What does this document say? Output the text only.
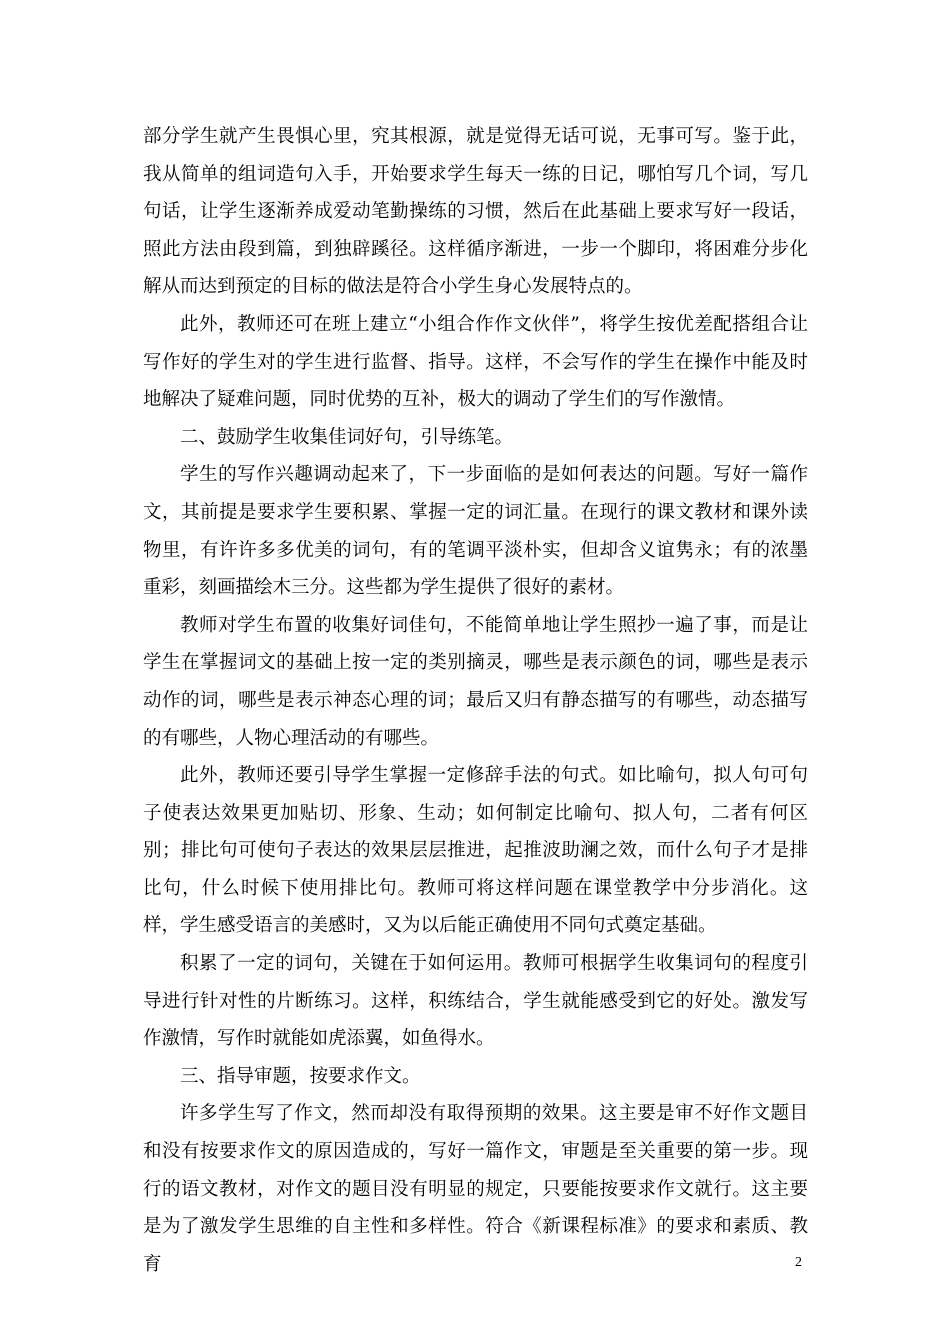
部分学生就产生畏惧心里，究其根源，就是觉得无话可说，无事可写。鉴于此，我从简单的组词造句入手，开始要求学生每天一练的日记，哪怕写几个词，写几句话，让学生逐渐养成爱动笔勤操练的习惯，然后在此基础上要求写好一段话，照此方法由段到篇，到独辟蹊径。这样循序渐进，一步一个脚印，将困难分步化解从而达到预定的目标的做法是符合小学生身心发展特点的。

此外，教师还可在班上建立“小组合作作文伙伴”，将学生按优差配搭组合让写作好的学生对的学生进行监督、指导。这样，不会写作的学生在操作中能及时地解决了疑难问题，同时优势的互补，极大的调动了学生们的写作激情。

二、鼓励学生收集佳词好句，引导练笔。

学生的写作兴趣调动起来了，下一步面临的是如何表达的问题。写好一篇作文，其前提是要求学生要积累、掌握一定的词汇量。在现行的课文教材和课外读物里，有许许多多优美的词句，有的笔调平淡朴实，但却含义谊隽永；有的浓墨重彩，刻画描绘木三分。这些都为学生提供了很好的素材。

教师对学生布置的收集好词佳句，不能简单地让学生照抄一遍了事，而是让学生在掌握词文的基础上按一定的类别摘灵，哪些是表示颜色的词，哪些是表示动作的词，哪些是表示神态心理的词；最后又归有静态描写的有哪些，动态描写的有哪些，人物心理活动的有哪些。

此外，教师还要引导学生掌握一定修辞手法的句式。如比喻句，拟人句可句子使表达效果更加贴切、形象、生动；如何制定比喻句、拟人句，二者有何区别；排比句可使句子表达的效果层层推进，起推波助澜之效，而什么句子才是排比句，什么时候下使用排比句。教师可将这样问题在课堂教学中分步消化。这样，学生感受语言的美感时，又为以后能正确使用不同句式奠定基础。

积累了一定的词句，关键在于如何运用。教师可根据学生收集词句的程度引导进行针对性的片断练习。这样，积练结合，学生就能感受到它的好处。激发写作激情，写作时就能如虎添翼，如鱼得水。

三、指导审题，按要求作文。

许多学生写了作文，然而却没有取得预期的效果。这主要是审不好作文题目和没有按要求作文的原因造成的，写好一篇作文，审题是至关重要的第一步。现行的语文教材，对作文的题目没有明显的规定，只要能按要求作文就行。这主要是为了激发学生思维的自主性和多样性。符合《新课程标准》的要求和素质、教育	2
